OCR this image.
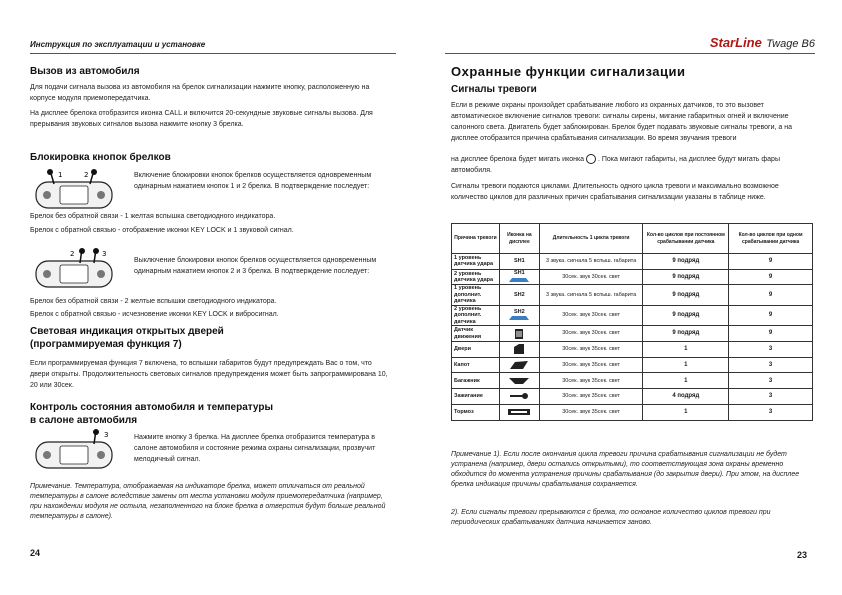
Инструкция по эксплуатации и установке
Вызов из автомобиля
Для подачи сигнала вызова из автомобиля на брелок сигнализации нажмите кнопку, расположенную на корпусе модуля приемопередатчика.
На дисплее брелока отобразится иконка CALL и включится 20-секундные звуковые сигналы вызова. Для прерывания звуковых сигналов вызова нажмите кнопку 3 брелка.
Блокировка кнопок брелков
1	2	Включение блокировки кнопок брелков осуществляется одновременным одинарным нажатием кнопок 1 и 2 брелка. В подтверждение последует:
Брелок без обратной связи - 1 желтая вспышка светодиодного индикатора.
Брелок с обратной связью - отображение иконки KEY LOCK и 1 звуковой сигнал.
2	3
Выключение блокировки кнопок брелков осуществляется одновременным одинарным нажатием кнопок 2 и 3 брелка. В подтверждение последует:
Брелок без обратной связи - 2 желтые вспышки светодиодного индикатора.
Брелок с обратной связью - исчезновение иконки KEY LOCK и вибросигнал.
Световая индикация открытых дверей
(программируемая функция 7)
Если программируемая функция 7 включена, то вспышки габаритов будут предупреждать Вас о том, что двери открыты. Продолжительность световых сигналов предупреждения может быть запрограммирована 10, 20 или 30сек.
Контроль состояния автомобиля и температуры
в салоне автомобиля
3	Нажмите кнопку 3 брелка. На дисплее брелка отобразится температура в салоне автомобиля и состояние режима охраны сигнализации, прозвучит мелодичный сигнал.
Примечание. Температура, отображаемая на индикаторе брелка, может отличаться от реальной температуры в салоне вследствие замены от места установки модуля приемопередатчика (например, при нахождении модуля не остыла, незаполненного на блоке брелка в отверстия будут больше реальной температуры в салоне).
24
StarLine Twage B6
Охранные функции сигнализации
Сигналы тревоги
Если в режиме охраны произойдет срабатывание любого из охранных датчиков, то это вызовет автоматическое включение сигналов тревоги: сигналы сирены, мигание габаритных огней и включение салонного света. Двигатель будет заблокирован. Брелок будет подавать звуковые сигналы тревоги, а на дисплее отобразится причина срабатывания сигнализации. Во время звучания тревоги
на дисплее брелока будет мигать иконка . Пока мигают габариты, на дисплее будут мигать фары автомобиля.
Сигналы тревоги подаются циклами. Длительность одного цикла тревоги и максимально возможное количество циклов для различных причин срабатывания сигнализации указаны в таблице ниже.
Причина тревоги	Иконка на дисплее	Длительность 1 цикла тревоги	Кол-во циклов при постоянном срабатывании датчика	Кол-во циклов при одном срабатывании датчика
1 уровень датчика удара	SH1	3 звука. сигнала 5 вспыш. габарита	9 подряд	9
2 уровень датчика удара	SH1	30сек. звук 30сек. свет	9 подряд	9
1 уровень дополнит. датчика	SH2	3 звука. сигнала 5 вспыш. габарита	9 подряд	9
2 уровень дополнит. датчика	SH2	30сек. звук 30сек. свет	9 подряд	9
Датчик движения		30сек. звук 30сек. свет	9 подряд	9
Двери		30сек. звук 35сек. свет	1	3
Капот		30сек. звук 35сек. свет	1	3
Багажник		30сек. звук 35сек. свет	1	3
Зажигание		30сек. звук 35сек. свет	4 подряд	3
Тормоз		30сек. звук 35сек. свет	1	3
Примечание 1). Если после окончания цикла тревоги причина срабатывания сигнализации не будет устранена (например, двери остались открытыми), то соответствующая зона охраны временно обходится до момента устранения причины срабатывания (до закрытия двери). При этом, на дисплее брелка индикация причины срабатывания сохраняется.
2). Если сигналы тревоги прерываются с брелка, то основное количество циклов тревоги при периодических срабатываниях датчика начинается заново.
23
